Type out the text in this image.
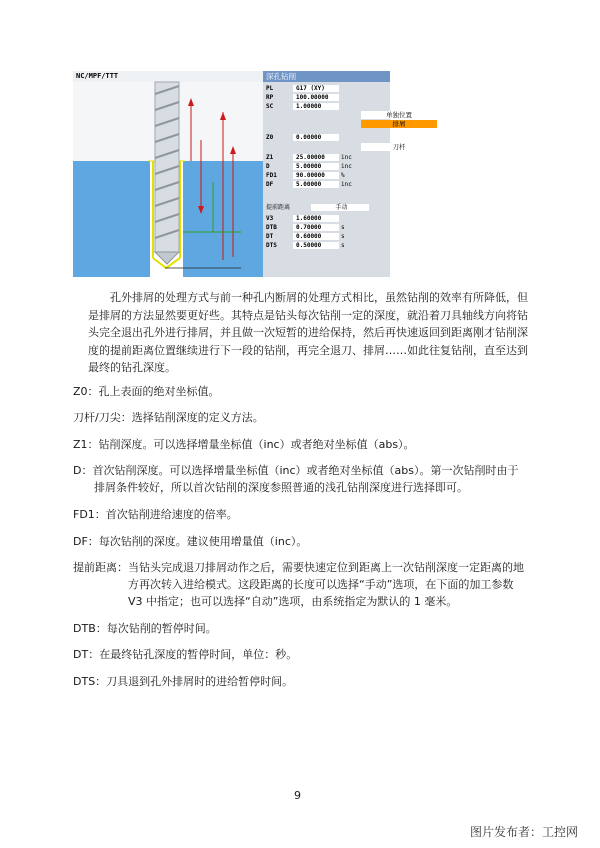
NC/MPF/TTT	深孔钻削
PL	G17 (XY)
RP	100.00000
SC	1.00000
单独位置
排屑
Z0	0.00000
刀杆
Z1	25.00000	inc
D	5.00000	inc
FD1	90.00000	%
DF	5.00000	inc
提前距离	手动
V3	1.60000
DTB	0.70000	s
DT	0.60000	s
DTS	0.50000	s
孔外排屑的处理方式与前一种孔内断屑的处理方式相比，虽然钻削的效率有所降低，但是排屑的方法显然要更好些。其特点是钻头每次钻削一定的深度，就沿着刀具轴线方向将钻头完全退出孔外进行排屑，并且做一次短暂的进给保持，然后再快速返回到距离刚才钻削深度的提前距离位置继续进行下一段的钻削，再完全退刀、排屑……如此往复钻削，直至达到最终的钻孔深度。
Z0：孔上表面的绝对坐标值。
刀杆/刀尖：选择钻削深度的定义方法。
Z1：钻削深度。可以选择增量坐标值（inc）或者绝对坐标值（abs）。
D：首次钻削深度。可以选择增量坐标值（inc）或者绝对坐标值（abs）。第一次钻削时由于
排屑条件较好，所以首次钻削的深度参照普通的浅孔钻削深度进行选择即可。
FD1：首次钻削进给速度的倍率。
DF：每次钻削的深度。建议使用增量值（inc）。
提前距离：当钻头完成退刀排屑动作之后，需要快速定位到距离上一次钻削深度一定距离的地
方再次转入进给模式。这段距离的长度可以选择“手动”选项，在下面的加工参数
V3 中指定；也可以选择“自动”选项，由系统指定为默认的 1 毫米。
DTB：每次钻削的暂停时间。
DT：在最终钻孔深度的暂停时间，单位：秒。
DTS：刀具退到孔外排屑时的进给暂停时间。
9
图片发布者：工控网
